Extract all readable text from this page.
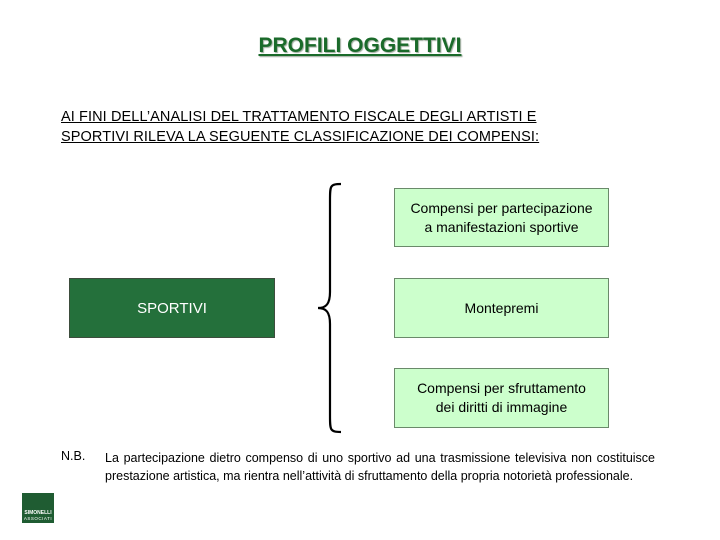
PROFILI OGGETTIVI
AI FINI DELL’ANALISI DEL TRATTAMENTO FISCALE DEGLI ARTISTI E
SPORTIVI RILEVA LA SEGUENTE CLASSIFICAZIONE DEI COMPENSI:
SPORTIVI
Compensi per partecipazione
a manifestazioni sportive
Montepremi
Compensi per sfruttamento
dei diritti di immagine
N.B. La partecipazione dietro compenso di uno sportivo ad una trasmissione televisiva non costituisce prestazione artistica, ma rientra nell’attività di sfruttamento della propria notorietà professionale.
SIMONELLI
ASSOCIATI
